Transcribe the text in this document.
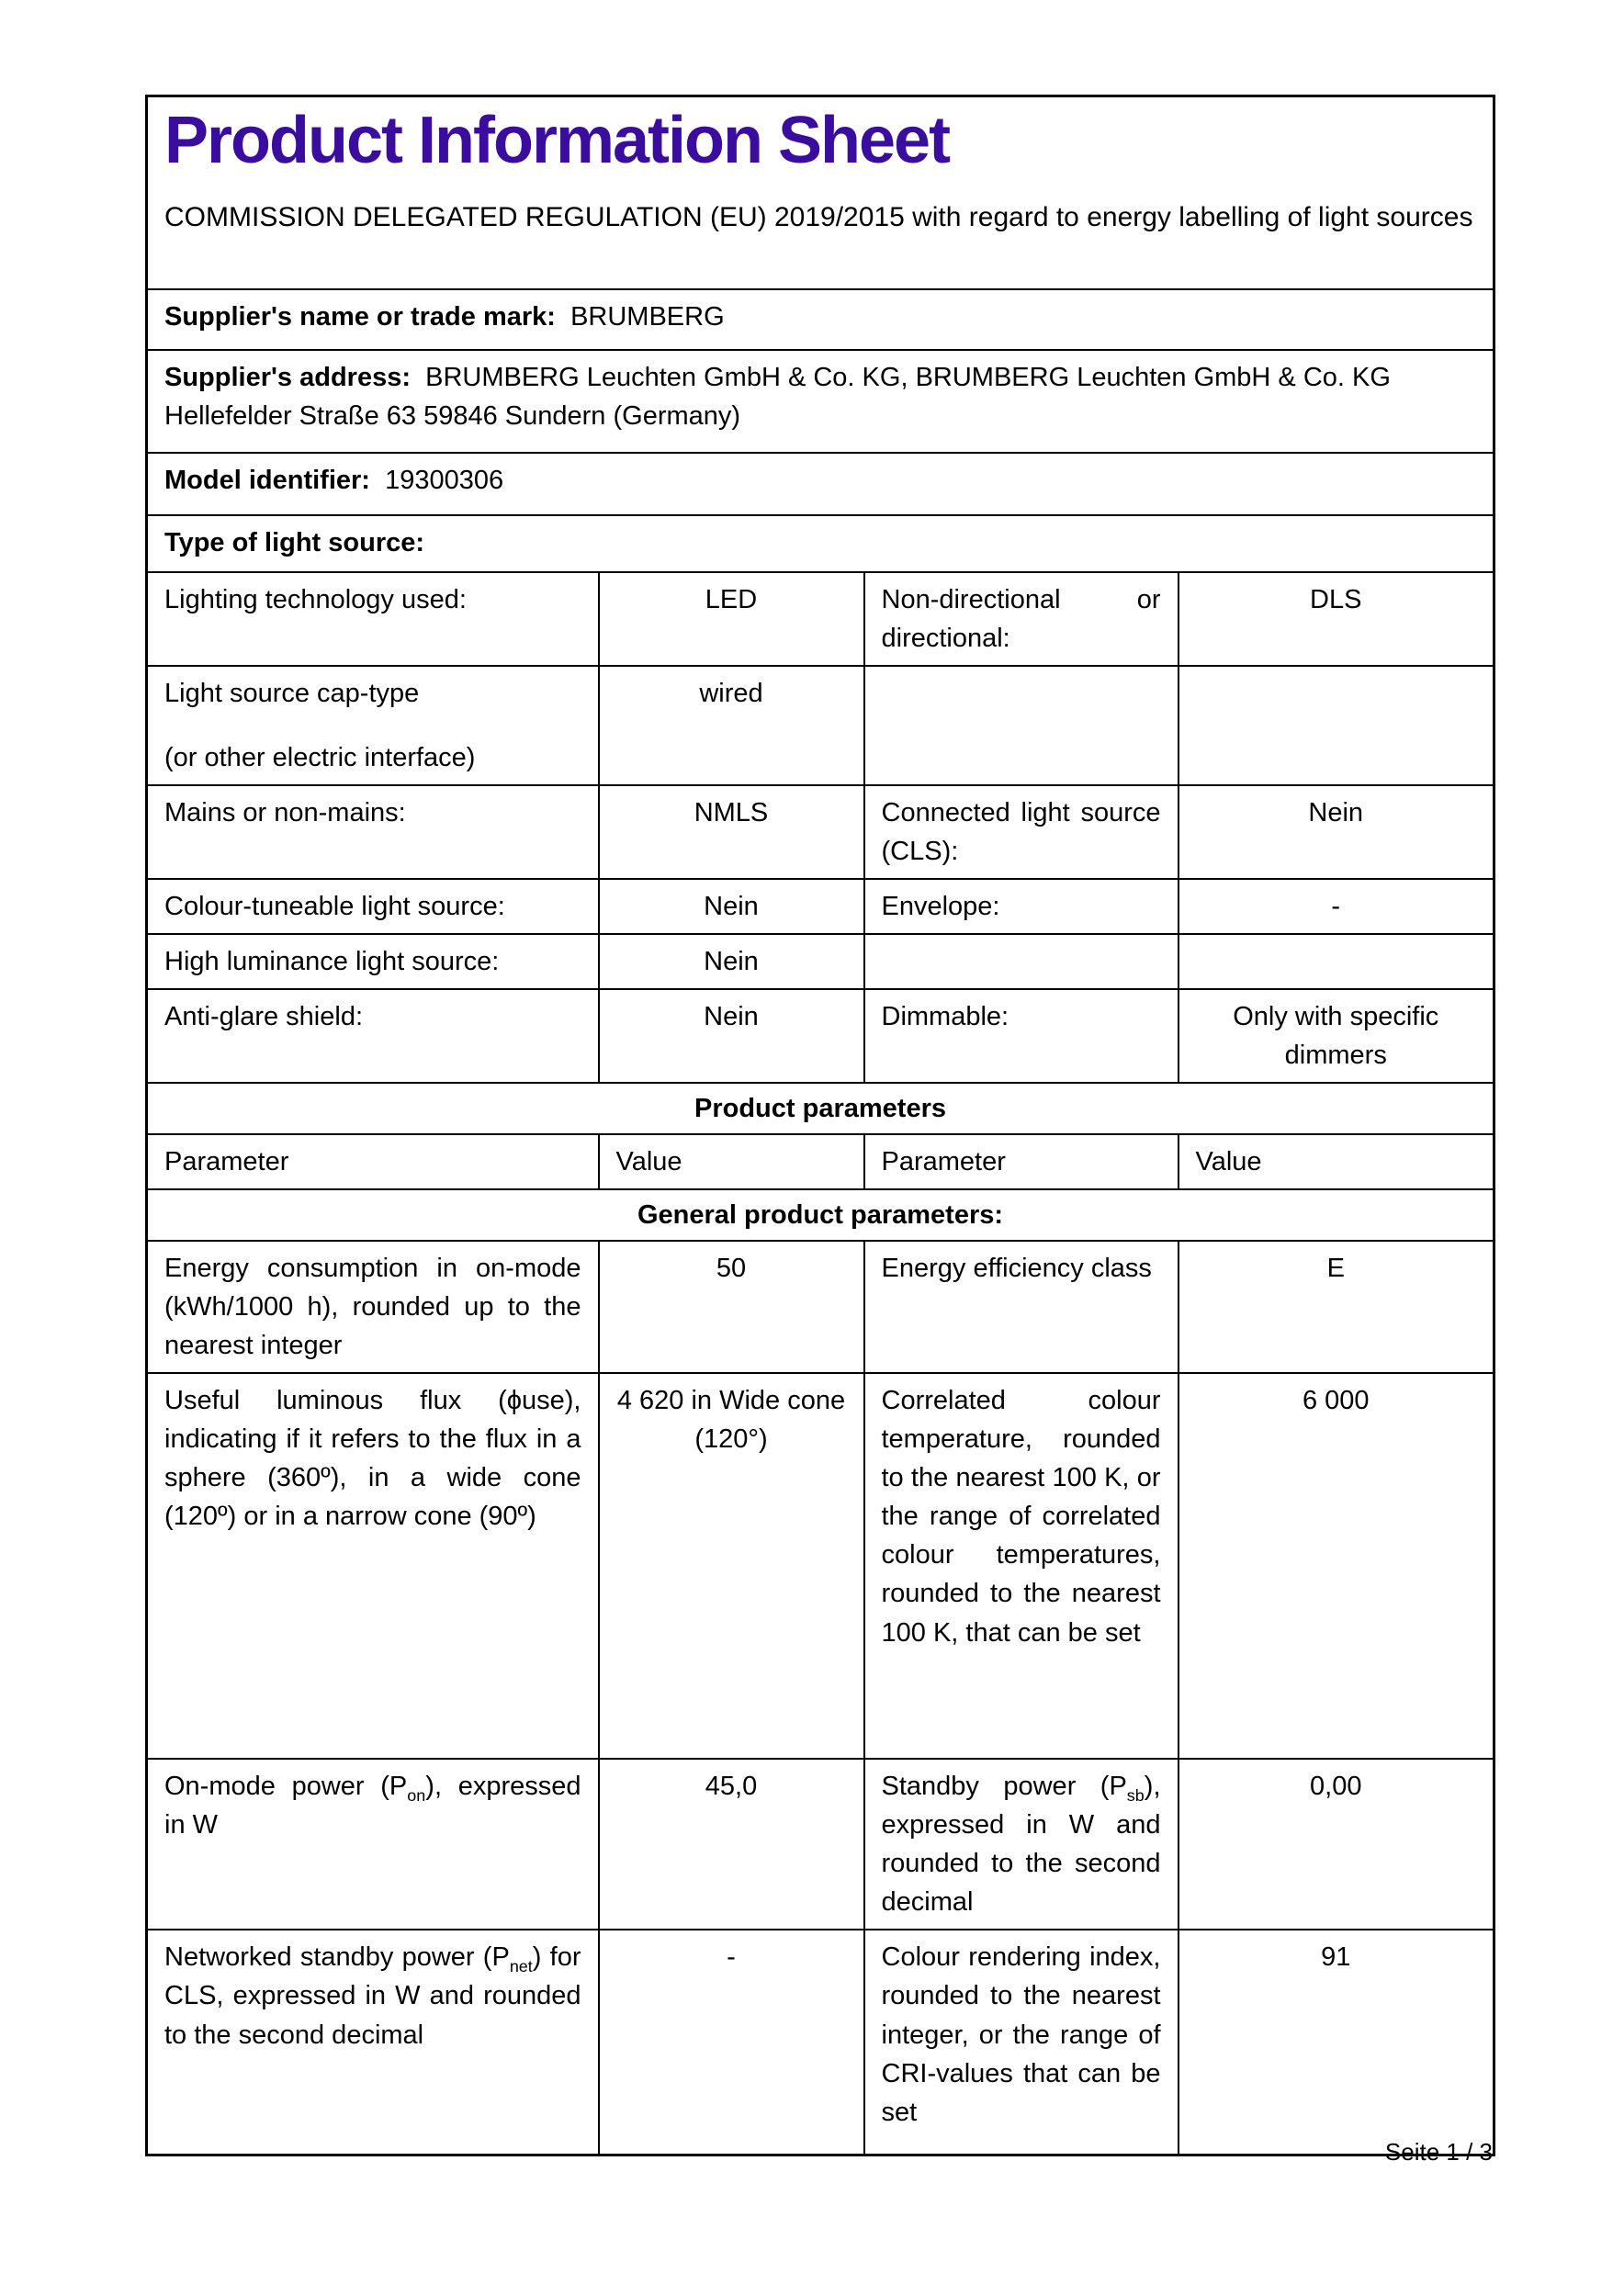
Product Information Sheet
COMMISSION DELEGATED REGULATION (EU) 2019/2015 with regard to energy labelling of light sources

Supplier's name or trade mark: BRUMBERG			
Supplier's address: BRUMBERG Leuchten GmbH & Co. KG, BRUMBERG Leuchten GmbH & Co. KG Hellefelder Straße 63 59846 Sundern (Germany)			
Model identifier: 19300306			
Type of light source:			
Lighting technology used:	LED	Non-directional or directional:	DLS

Light source cap-type
(or other electric interface)	wired		
Mains or non-mains:	NMLS	Connected light source (CLS):	Nein
Colour-tuneable light source:	Nein	Envelope:	-
High luminance light source:	Nein		
Anti-glare shield:	Nein	Dimmable:	Only with specific dimmers
Product parameters			
Parameter	Value	Parameter	Value
General product parameters:			
Energy consumption in on-mode (kWh/1000 h), rounded up to the nearest integer	50	Energy efficiency class	E
Useful luminous flux (ϕuse), indicating if it refers to the flux in a sphere (360º), in a wide cone (120º) or in a narrow cone (90º)	4 620 in Wide cone (120°)	Correlated colour temperature, rounded to the nearest 100 K, or the range of correlated colour temperatures, rounded to the nearest 100 K, that can be set	6 000
On-mode power $(P_{on})$, expressed in W	45,0	Standby power $(P_{sb})$, expressed in W and rounded to the second decimal	0,00
Networked standby power $(P_{net})$ for CLS, expressed in W and rounded to the second decimal	-	Colour rendering index, rounded to the nearest integer, or the range of CRI-values that can be set	91
Seite 1 / 3
